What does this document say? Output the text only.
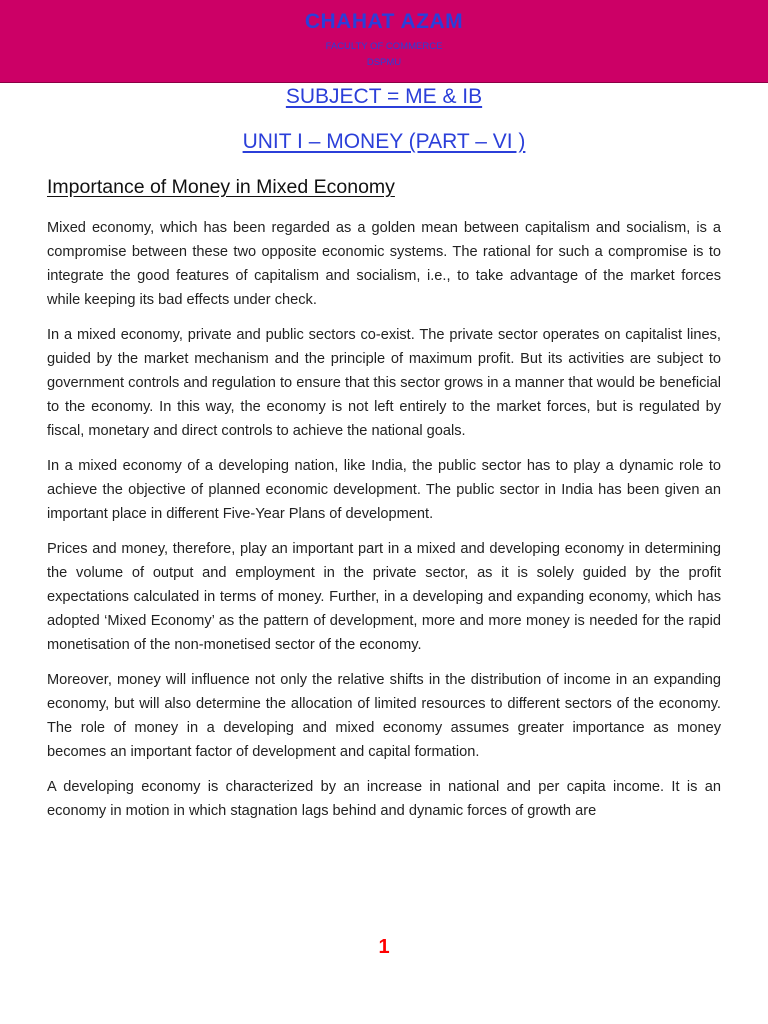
CHAHAT AZAM
FACULTY OF COMMERCE
DSPMU
SUBJECT = ME & IB
UNIT I – MONEY (PART – VI )
Importance of Money in Mixed Economy

Mixed economy, which has been regarded as a golden mean between capitalism and socialism, is a compromise between these two opposite economic systems. The rational for such a compromise is to integrate the good features of capitalism and socialism, i.e., to take advantage of the market forces while keeping its bad effects under check.

In a mixed economy, private and public sectors co-exist. The private sector operates on capitalist lines, guided by the market mechanism and the principle of maximum profit. But its activities are subject to government controls and regulation to ensure that this sector grows in a manner that would be beneficial to the economy. In this way, the economy is not left entirely to the market forces, but is regulated by fiscal, monetary and direct controls to achieve the national goals.

In a mixed economy of a developing nation, like India, the public sector has to play a dynamic role to achieve the objective of planned economic development. The public sector in India has been given an important place in different Five-Year Plans of development.

Prices and money, therefore, play an important part in a mixed and developing economy in determining the volume of output and employment in the private sector, as it is solely guided by the profit expectations calculated in terms of money. Further, in a developing and expanding economy, which has adopted ‘Mixed Economy’ as the pattern of development, more and more money is needed for the rapid monetisation of the non-monetised sector of the economy.

Moreover, money will influence not only the relative shifts in the distribution of income in an expanding economy, but will also determine the allocation of limited resources to different sectors of the economy. The role of money in a developing and mixed economy assumes greater importance as money becomes an important factor of development and capital formation.

A developing economy is characterized by an increase in national and per capita income. It is an economy in motion in which stagnation lags behind and dynamic forces of growth are

1
